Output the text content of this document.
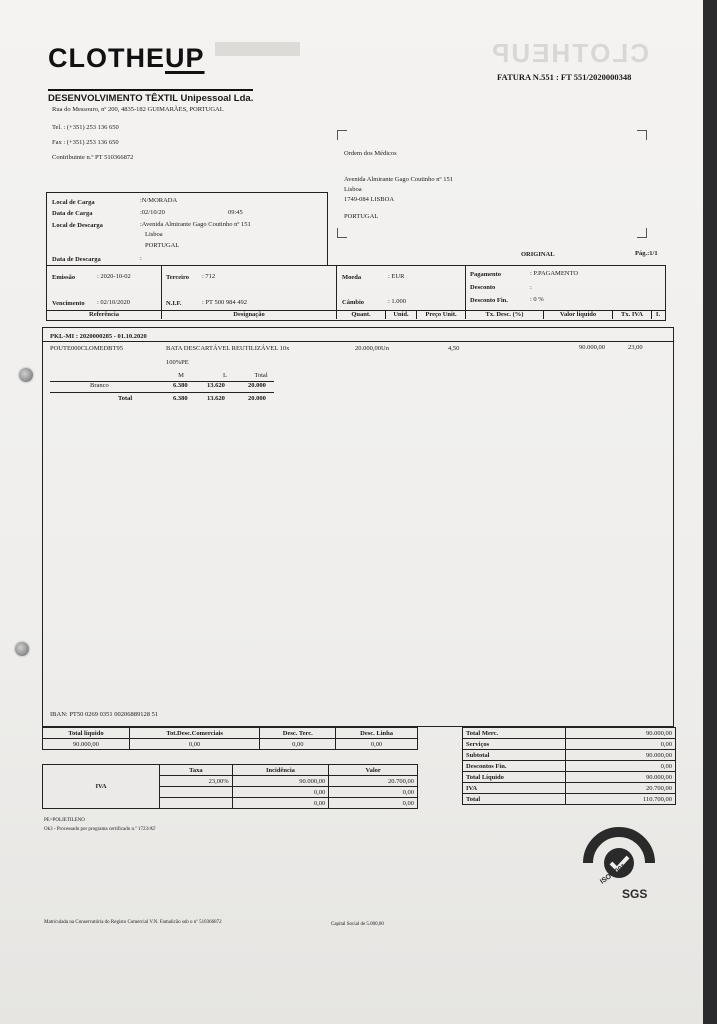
CLOTHEUP
CLOTHEUP
DESENVOLVIMENTO TÊXTIL Unipessoal Lda.
Rua do Messouro, nº 200, 4835-182 GUIMARÃES, PORTUGAL
Tel. : (+351) 253 136 650
Fax : (+351) 253 136 650
Contribuinte n.º PT 510366872
FATURA N.551 : FT 551/2020000348
Ordem dos Médicos
Avenida Almirante Gago Coutinho nº 151
Lisboa
1749-084 LISBOA
PORTUGAL
Local de Carga	:N/MORADA
Data de Carga	:02/10/20	09:45
Local de Descarga	:Avenida Almirante Gago Coutinho nº 151
Lisboa
PORTUGAL
Data de Descarga	:
ORIGINAL	Pág.:1/1
Emissão	: 2020-10-02	Terceiro : 712	Moeda	: EUR	Pagamento	: P.PAGAMENTO
Desconto	:
Vencimento : 02/10/2020	N.I.F.	: PT 500 984 492	Câmbio	: 1.000	Desconto Fin.	: 0 %
Referência	Designação	Quant.	Unid.	Preço Unit.	Tx. Desc. (%)	Valor líquido	Tx. IVA	I.
PKL-MI : 2020000285 - 01.10.2020
POUTE000CLOMEDBT95	BATA DESCARTÁVEL REUTILIZÁVEL 10x
100%PE
20.000,00Un	4,50	90.000,00	23,00
M	L	Total
Branco	6.380	13.620	20.000
Total	6.380	13.620	20.000
IBAN: PT50 0269 0351 00206889128 51
Total líquido	Tot.Desc.Comerciais	Desc. Terc.	Desc. Linha
90.000,00	0,00	0,00	0,00
IVA	Taxa	Incidência	Valor
	23,00%	90.000,00	20.700,00
		0,00	0,00
		0,00	0,00
Total Merc.	90.000,00
Serviços	0,00
Subtotal	90.000,00
Descontos Fin.	0,00
Total Líquido	90.000,00
IVA	20.700,00
Total	110.700,00
PE=POLIETILENO
Ok3 - Processado por programa certificado n.º 1723/AT
ISO 9001
SGS
Matriculada na Conservatória do Registo Comercial V.N. Famalicão sob o nº 510366872	Capital Social de 5.000,00
